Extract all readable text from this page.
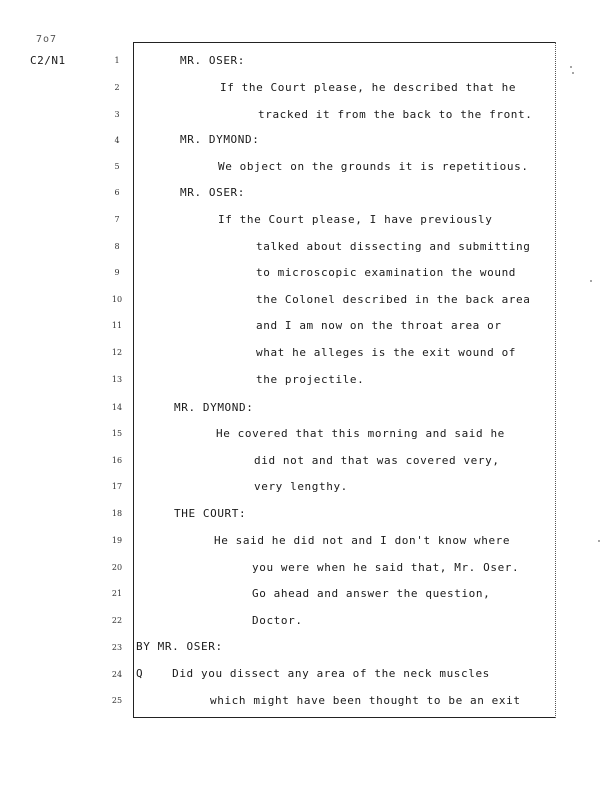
7o7
C2/N1	1
2
3
4
5
6
7
8
9
10
11
12
13
14
15
16
17
18
19
20
21
22
23
24
25
MR. OSER:
If the Court please, he described that he
tracked it from the back to the front.
MR. DYMOND:
We object on the grounds it is repetitious.
MR. OSER:
If the Court please, I have previously
talked about dissecting and submitting
to microscopic examination the wound
the Colonel described in the back area
and I am now on the throat area or
what he alleges is the exit wound of
the projectile.
MR. DYMOND:
He covered that this morning and said he
did not and that was covered very,
very lengthy.
THE COURT:
He said he did not and I don't know where
you were when he said that, Mr. Oser.
Go ahead and answer the question,
Doctor.
BY MR. OSER:
Q    Did you dissect any area of the neck muscles
which might have been thought to be an exit
